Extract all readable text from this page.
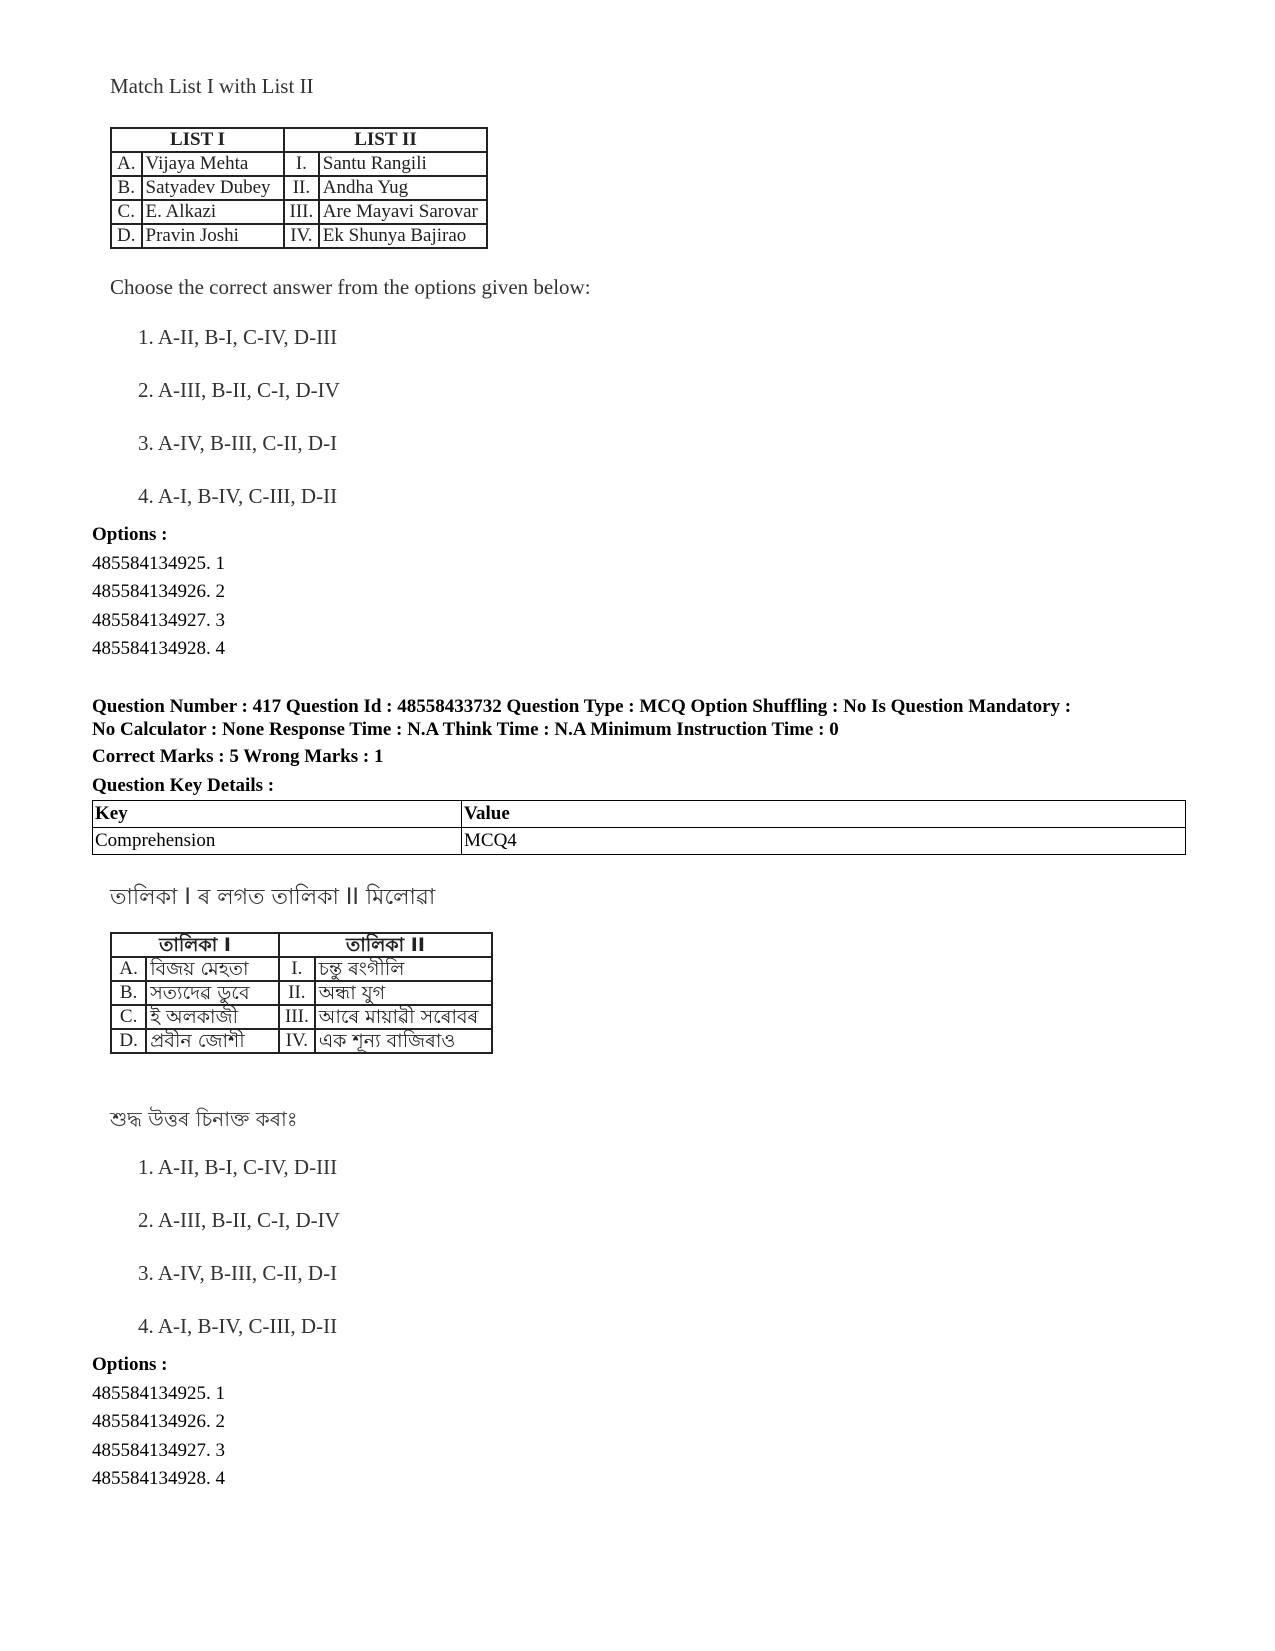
Match List I with List II
LIST I		LIST II	
A.	Vijaya Mehta	I.	Santu Rangili
B.	Satyadev Dubey	II.	Andha Yug
C.	E. Alkazi	III.	Are Mayavi Sarovar
D.	Pravin Joshi	IV.	Ek Shunya Bajirao
Choose the correct answer from the options given below:
1. A-II, B-I, C-IV, D-III
2. A-III, B-II, C-I, D-IV
3. A-IV, B-III, C-II, D-I
4. A-I, B-IV, C-III, D-II
Options :
485584134925. 1
485584134926. 2
485584134927. 3
485584134928. 4
Question Number : 417 Question Id : 48558433732 Question Type : MCQ Option Shuffling : No Is Question Mandatory :
No Calculator : None Response Time : N.A Think Time : N.A Minimum Instruction Time : 0
Correct Marks : 5 Wrong Marks : 1
Question Key Details :
Key	Value
Comprehension	MCQ4
তালিকা I ৰ লগত তালিকা II মিলোৱা
তালিকা I		তালিকা II	
A.	বিজয় মেহতা	I.	চন্তু ৰংগীলি
B.	সত্যদেৱ ডুবে	II.	অন্ধা যুগ
C.	ই অলকাজী	III.	আৰে মায়াৱী সৰোবৰ
D.	প্ৰবীন জোশী	IV.	এক শূন্য বাজিৰাও
শুদ্ধ উত্তৰ চিনাক্ত কৰাঃ
1. A-II, B-I, C-IV, D-III
2. A-III, B-II, C-I, D-IV
3. A-IV, B-III, C-II, D-I
4. A-I, B-IV, C-III, D-II
Options :
485584134925. 1
485584134926. 2
485584134927. 3
485584134928. 4
